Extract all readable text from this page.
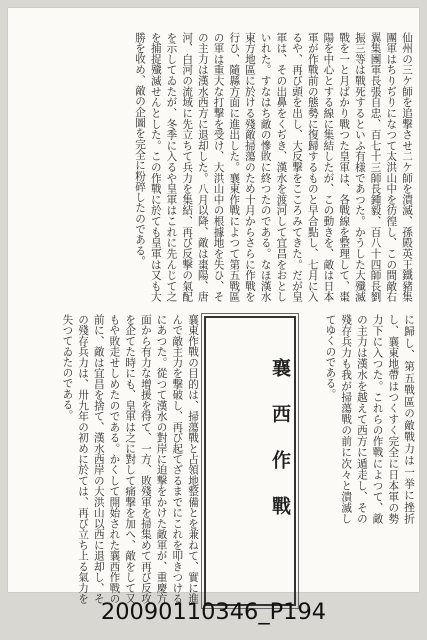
仙州の三ケ師を追撃させ二ケ師を潰滅、孫殿英王鐵豬集團軍はちりぢりになつて太洪山中を彷徨し、この間敵右翼集團軍長張自忠、百七十三師長鍾毅、百八十四師長劉振三等は戰死するといふ有様であつた。かうした大殲滅戰を一と月ばかり戰つた皇軍は、各戰線を整理して、棗陽を中心とする線に集結したが、この動きを、敵は日本軍が作戰前の態勢に復歸するものと早合點し、七月に入るや、再び頭を出し、大反撃をこころみてきた。だが皇軍は、その出鼻をくぢき、漢水を渡河して宜昌をおとしいれた。すなはち敵の慘敗に終つたのである。なほ漢水東方地區に於ける殘敵掃蕩のため十月からさらに作戰を行ひ、隨縣方面に進出した。襄東作戰によつて第五戰區の軍は重大な打撃を受け、大洪山中の根據地を失ひ、その主力は漢水西方に退却した。八月以降、敵は棗陽、唐河、白河の流域に先立ちて兵力を集結、再び反撃の氣配を示してゐたが、冬季に入るや皇軍はこれに先んじて之を捕捉殲滅せんとした。この作戰に於ても皇軍は又も大勝を收め、敵の企圖を完全に粉碎したのである。
襄東作戰の目的は、掃蕩戰と占領地整備とを兼ねて、實に進んで敵主力を撃破し、再び起てざるまでにこれを叩きつけるにあつた。從つて漢水の對岸に迫撃をかけた敵軍が、重慶方面から有力な增援を得て、一方、敗殘軍を掃集めて再び反攻を企てた時にも、皇軍は之に對して痛撃を加へ、敵をして又もや敗走せしめたのである。かくして開始された襄西作戰の前に、敵は宜昌を捨て、漢水西岸の大洪山以西に退却し、その殘存兵力は、卅九年の初めに於ては、再び立ち上る氣力を失つてゐたのである。	襄西作戰	に歸し、第五戰區の敵戰力は一挙に挫折し、襄東地帶はつくすく完全に日本軍の勢力下に入つた。これらの作戰によつて、敵の主力は漢水を越えて西方に遁走し、その殘存兵力も我が掃蕩戰の前に次々と潰滅してゆくのである。
20090110346_P194
